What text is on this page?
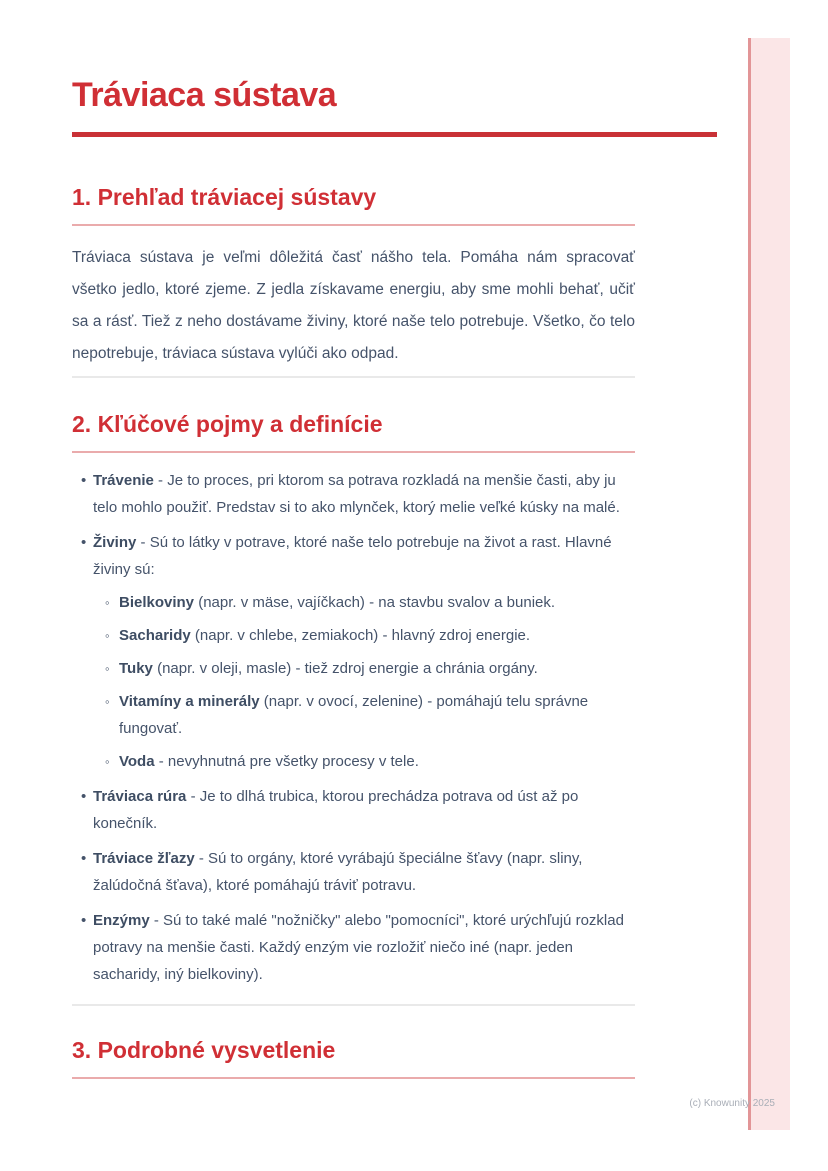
Tráviaca sústava
1. Prehľad tráviacej sústavy

Tráviaca sústava je veľmi dôležitá časť nášho tela. Pomáha nám spracovať všetko jedlo, ktoré zjeme. Z jedla získavame energiu, aby sme mohli behať, učiť sa a rásť. Tiež z neho dostávame živiny, ktoré naše telo potrebuje. Všetko, čo telo nepotrebuje, tráviaca sústava vylúči ako odpad.

2. Kľúčové pojmy a definície
• Trávenie - Je to proces, pri ktorom sa potrava rozkladá na menšie časti, aby ju telo mohlo použiť. Predstav si to ako mlynček, ktorý melie veľké kúsky na malé.
• Živiny - Sú to látky v potrave, ktoré naše telo potrebuje na život a rast. Hlavné živiny sú:
◦ Bielkoviny (napr. v mäse, vajíčkach) - na stavbu svalov a buniek.
◦ Sacharidy (napr. v chlebe, zemiakoch) - hlavný zdroj energie.
◦ Tuky (napr. v oleji, masle) - tiež zdroj energie a chránia orgány.
◦ Vitamíny a minerály (napr. v ovocí, zelenine) - pomáhajú telu správne fungovať.
◦ Voda - nevyhnutná pre všetky procesy v tele.
• Tráviaca rúra - Je to dlhá trubica, ktorou prechádza potrava od úst až po konečník.
• Tráviace žľazy - Sú to orgány, ktoré vyrábajú špeciálne šťavy (napr. sliny, žalúdočná šťava), ktoré pomáhajú tráviť potravu.
• Enzýmy - Sú to také malé "nožničky" alebo "pomocníci", ktoré urýchľujú rozklad potravy na menšie časti. Každý enzým vie rozložiť niečo iné (napr. jeden sacharidy, iný bielkoviny).
3. Podrobné vysvetlenie
(c) Knowunity 2025
